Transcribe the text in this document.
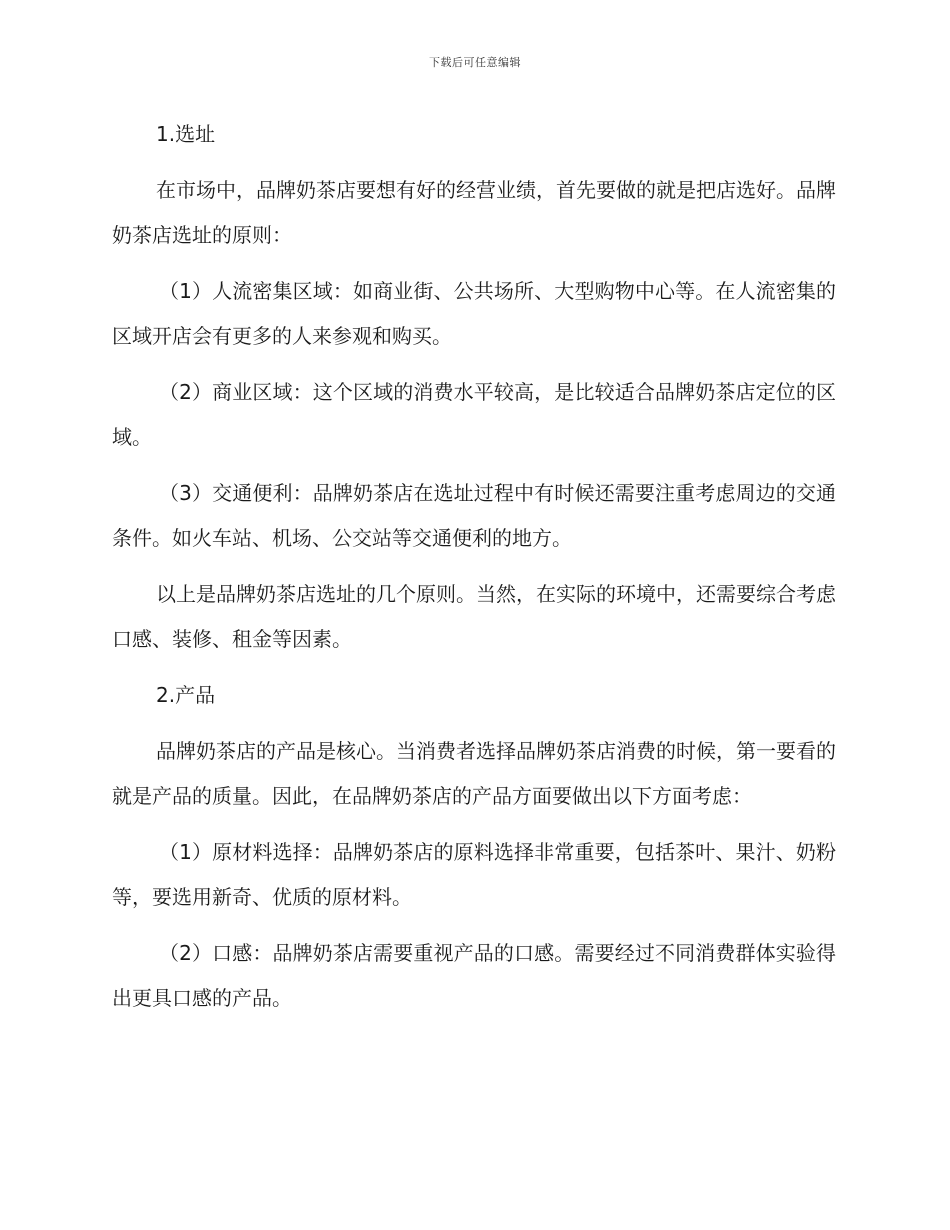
下载后可任意编辑

1.选址

在市场中，品牌奶茶店要想有好的经营业绩，首先要做的就是把店选好。品牌奶茶店选址的原则：

（1）人流密集区域：如商业街、公共场所、大型购物中心等。在人流密集的区域开店会有更多的人来参观和购买。

（2）商业区域：这个区域的消费水平较高，是比较适合品牌奶茶店定位的区域。

（3）交通便利：品牌奶茶店在选址过程中有时候还需要注重考虑周边的交通条件。如火车站、机场、公交站等交通便利的地方。

以上是品牌奶茶店选址的几个原则。当然，在实际的环境中，还需要综合考虑口感、装修、租金等因素。

2.产品

品牌奶茶店的产品是核心。当消费者选择品牌奶茶店消费的时候，第一要看的就是产品的质量。因此，在品牌奶茶店的产品方面要做出以下方面考虑：

（1）原材料选择：品牌奶茶店的原料选择非常重要，包括茶叶、果汁、奶粉等，要选用新奇、优质的原材料。

（2）口感：品牌奶茶店需要重视产品的口感。需要经过不同消费群体实验得出更具口感的产品。
